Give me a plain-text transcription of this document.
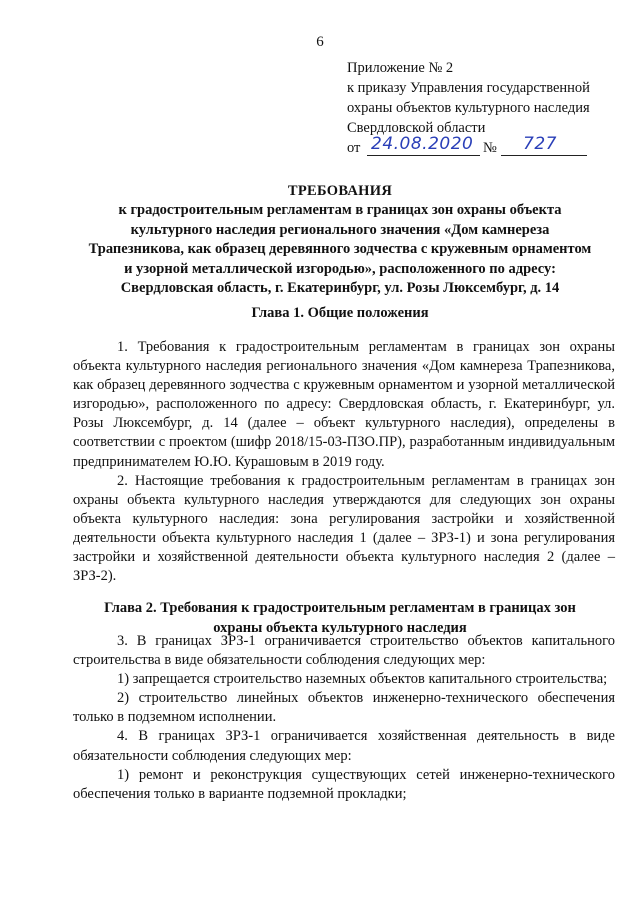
6
Приложение № 2
к приказу Управления государственной
охраны объектов культурного наследия
Свердловской области
от 24.08.2020 № 727
ТРЕБОВАНИЯ
к градостроительным регламентам в границах зон охраны объекта
культурного наследия регионального значения «Дом камнереза
Трапезникова, как образец деревянного зодчества с кружевным орнаментом
и узорной металлической изгородью», расположенного по адресу:
Свердловская область, г. Екатеринбург, ул. Розы Люксембург, д. 14
Глава 1. Общие положения

1. Требования к градостроительным регламентам в границах зон охраны объекта культурного наследия регионального значения «Дом камнереза Трапезникова, как образец деревянного зодчества с кружевным орнаментом и узорной металлической изгородью», расположенного по адресу: Свердловская область, г. Екатеринбург, ул. Розы Люксембург, д. 14 (далее – объект культурного наследия), определены в соответствии с проектом (шифр 2018/15-03-ПЗО.ПР), разработанным индивидуальным предпринимателем Ю.Ю. Курашовым в 2019 году.

2. Настоящие требования к градостроительным регламентам в границах зон охраны объекта культурного наследия утверждаются для следующих зон охраны объекта культурного наследия: зона регулирования застройки и хозяйственной деятельности объекта культурного наследия 1 (далее – ЗРЗ-1) и зона регулирования застройки и хозяйственной деятельности объекта культурного наследия 2 (далее – ЗРЗ-2).

Глава 2. Требования к градостроительным регламентам в границах зон
охраны объекта культурного наследия

3. В границах ЗРЗ-1 ограничивается строительство объектов капитального строительства в виде обязательности соблюдения следующих мер:

1) запрещается строительство наземных объектов капитального строительства;

2) строительство линейных объектов инженерно-технического обеспечения только в подземном исполнении.

4. В границах ЗРЗ-1 ограничивается хозяйственная деятельность в виде обязательности соблюдения следующих мер:

1) ремонт и реконструкция существующих сетей инженерно-технического обеспечения только в варианте подземной прокладки;
